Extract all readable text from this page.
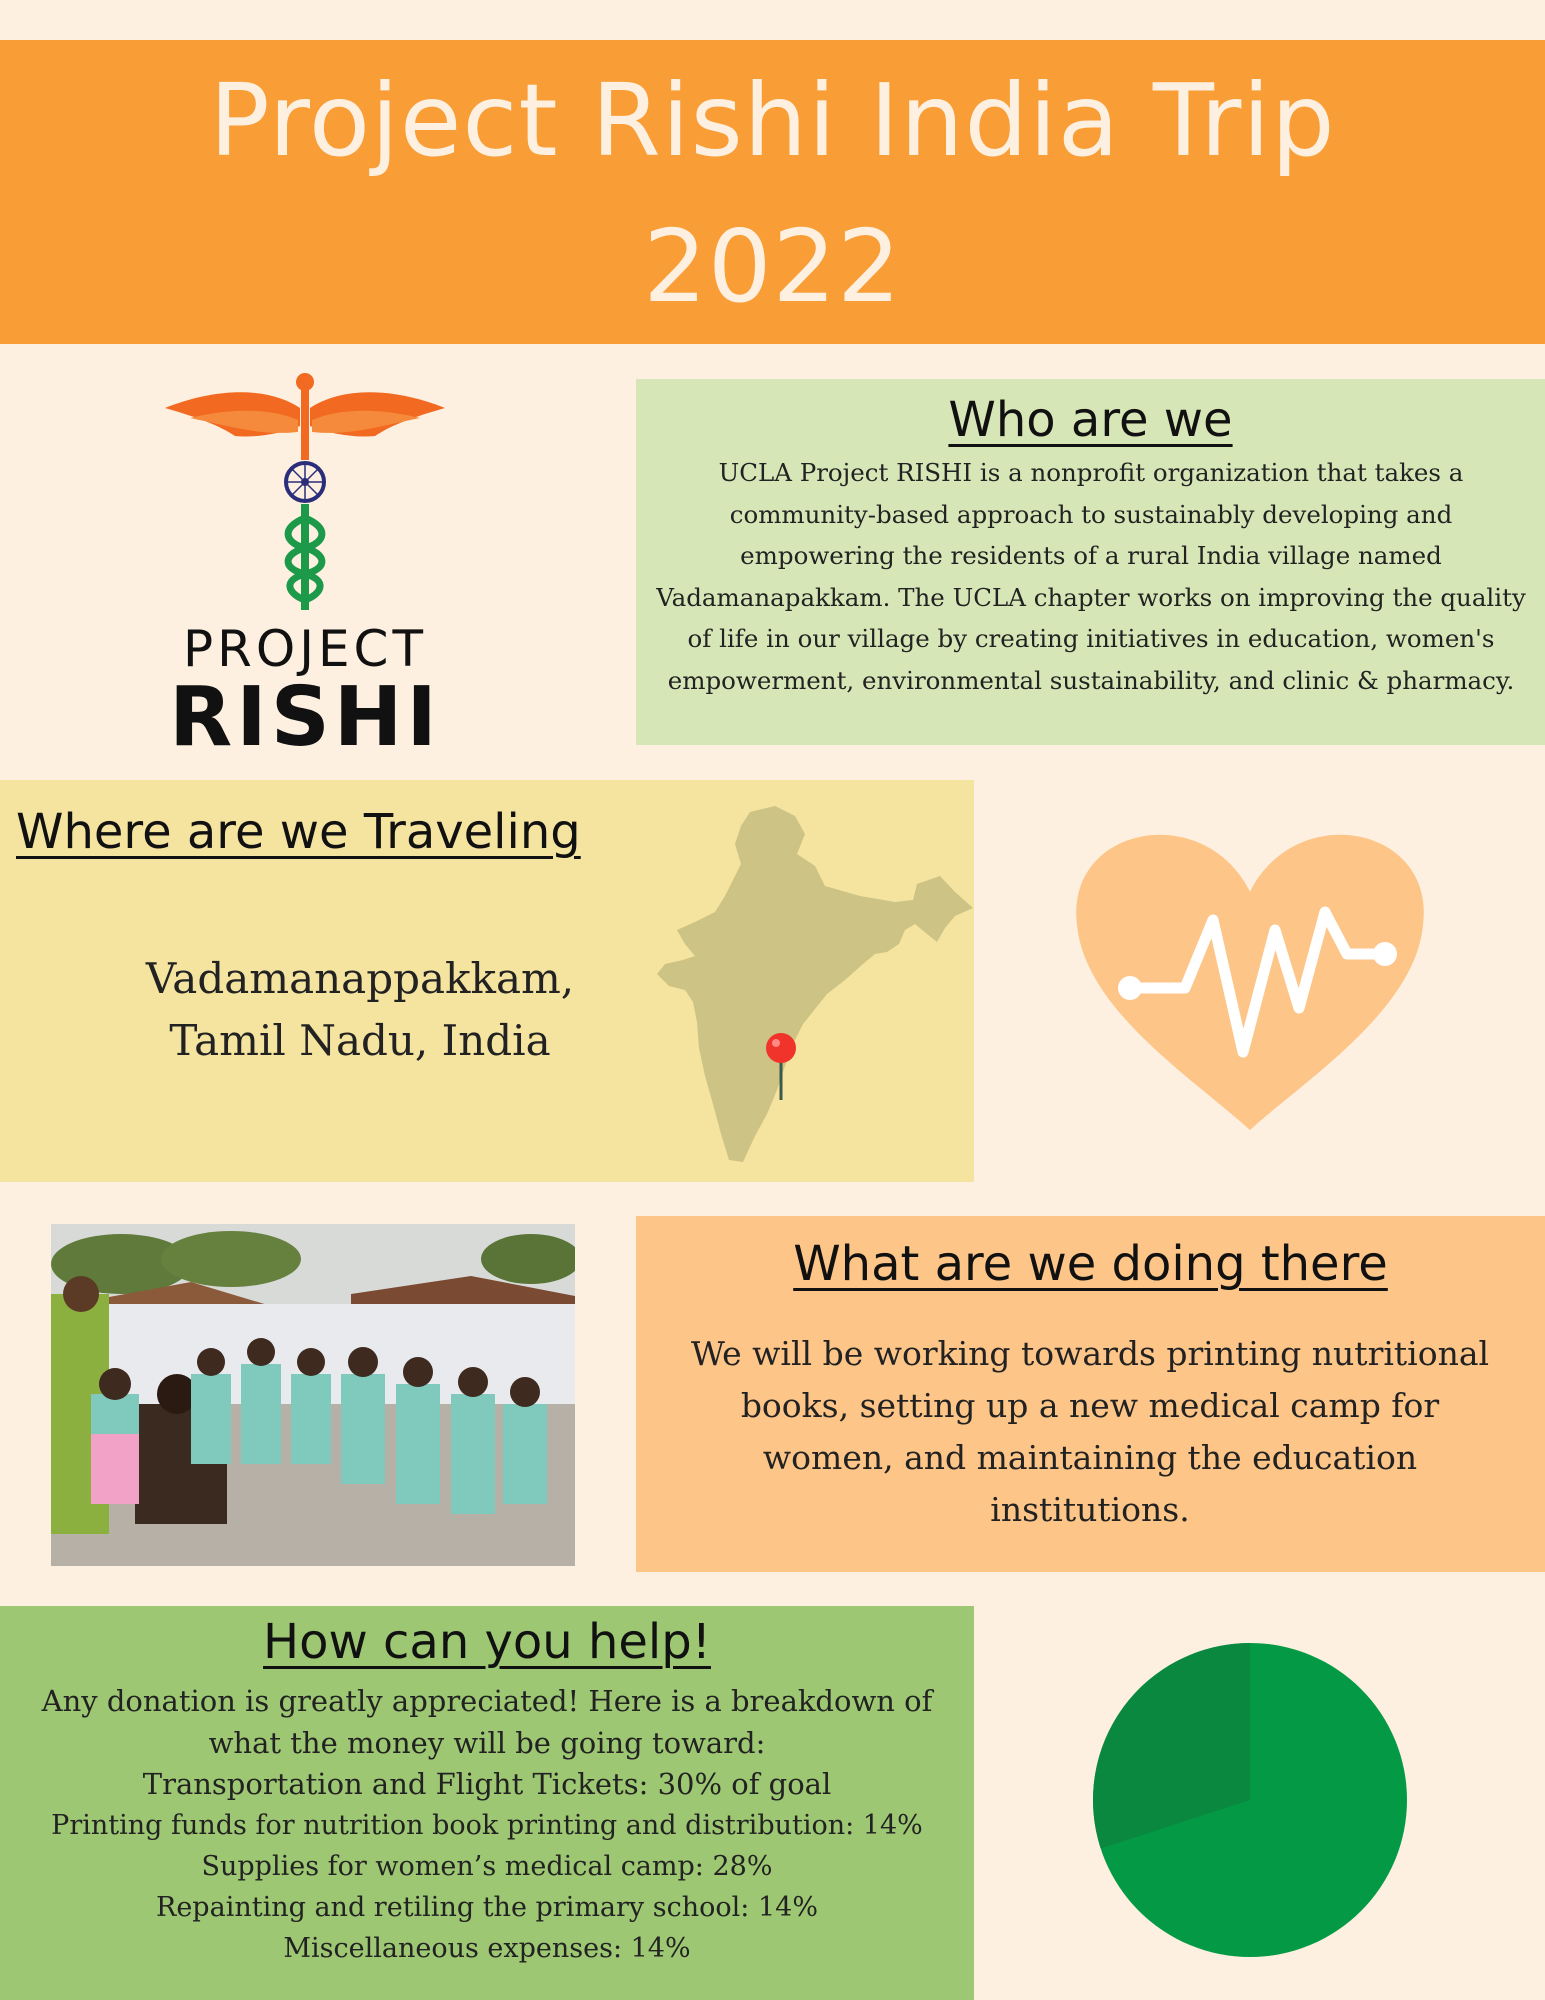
Project Rishi India Trip
2022
PROJECT
RISHI
Who are we
UCLA Project RISHI is a nonprofit organization that takes a community-based approach to sustainably developing and empowering the residents of a rural India village named Vadamanapakkam. The UCLA chapter works on improving the quality of life in our village by creating initiatives in education, women's empowerment, environmental sustainability, and clinic & pharmacy.
Where are we Traveling
Vadamanappakkam,
Tamil Nadu, India
What are we doing there
We will be working towards printing nutritional books, setting up a new medical camp for women, and maintaining the education institutions.
How can you help!
Any donation is greatly appreciated! Here is a breakdown of what the money will be going toward:
Transportation and Flight Tickets: 30% of goal
Printing funds for nutrition book printing and distribution: 14%
Supplies for women’s medical camp: 28%
Repainting and retiling the primary school: 14%
Miscellaneous expenses: 14%
